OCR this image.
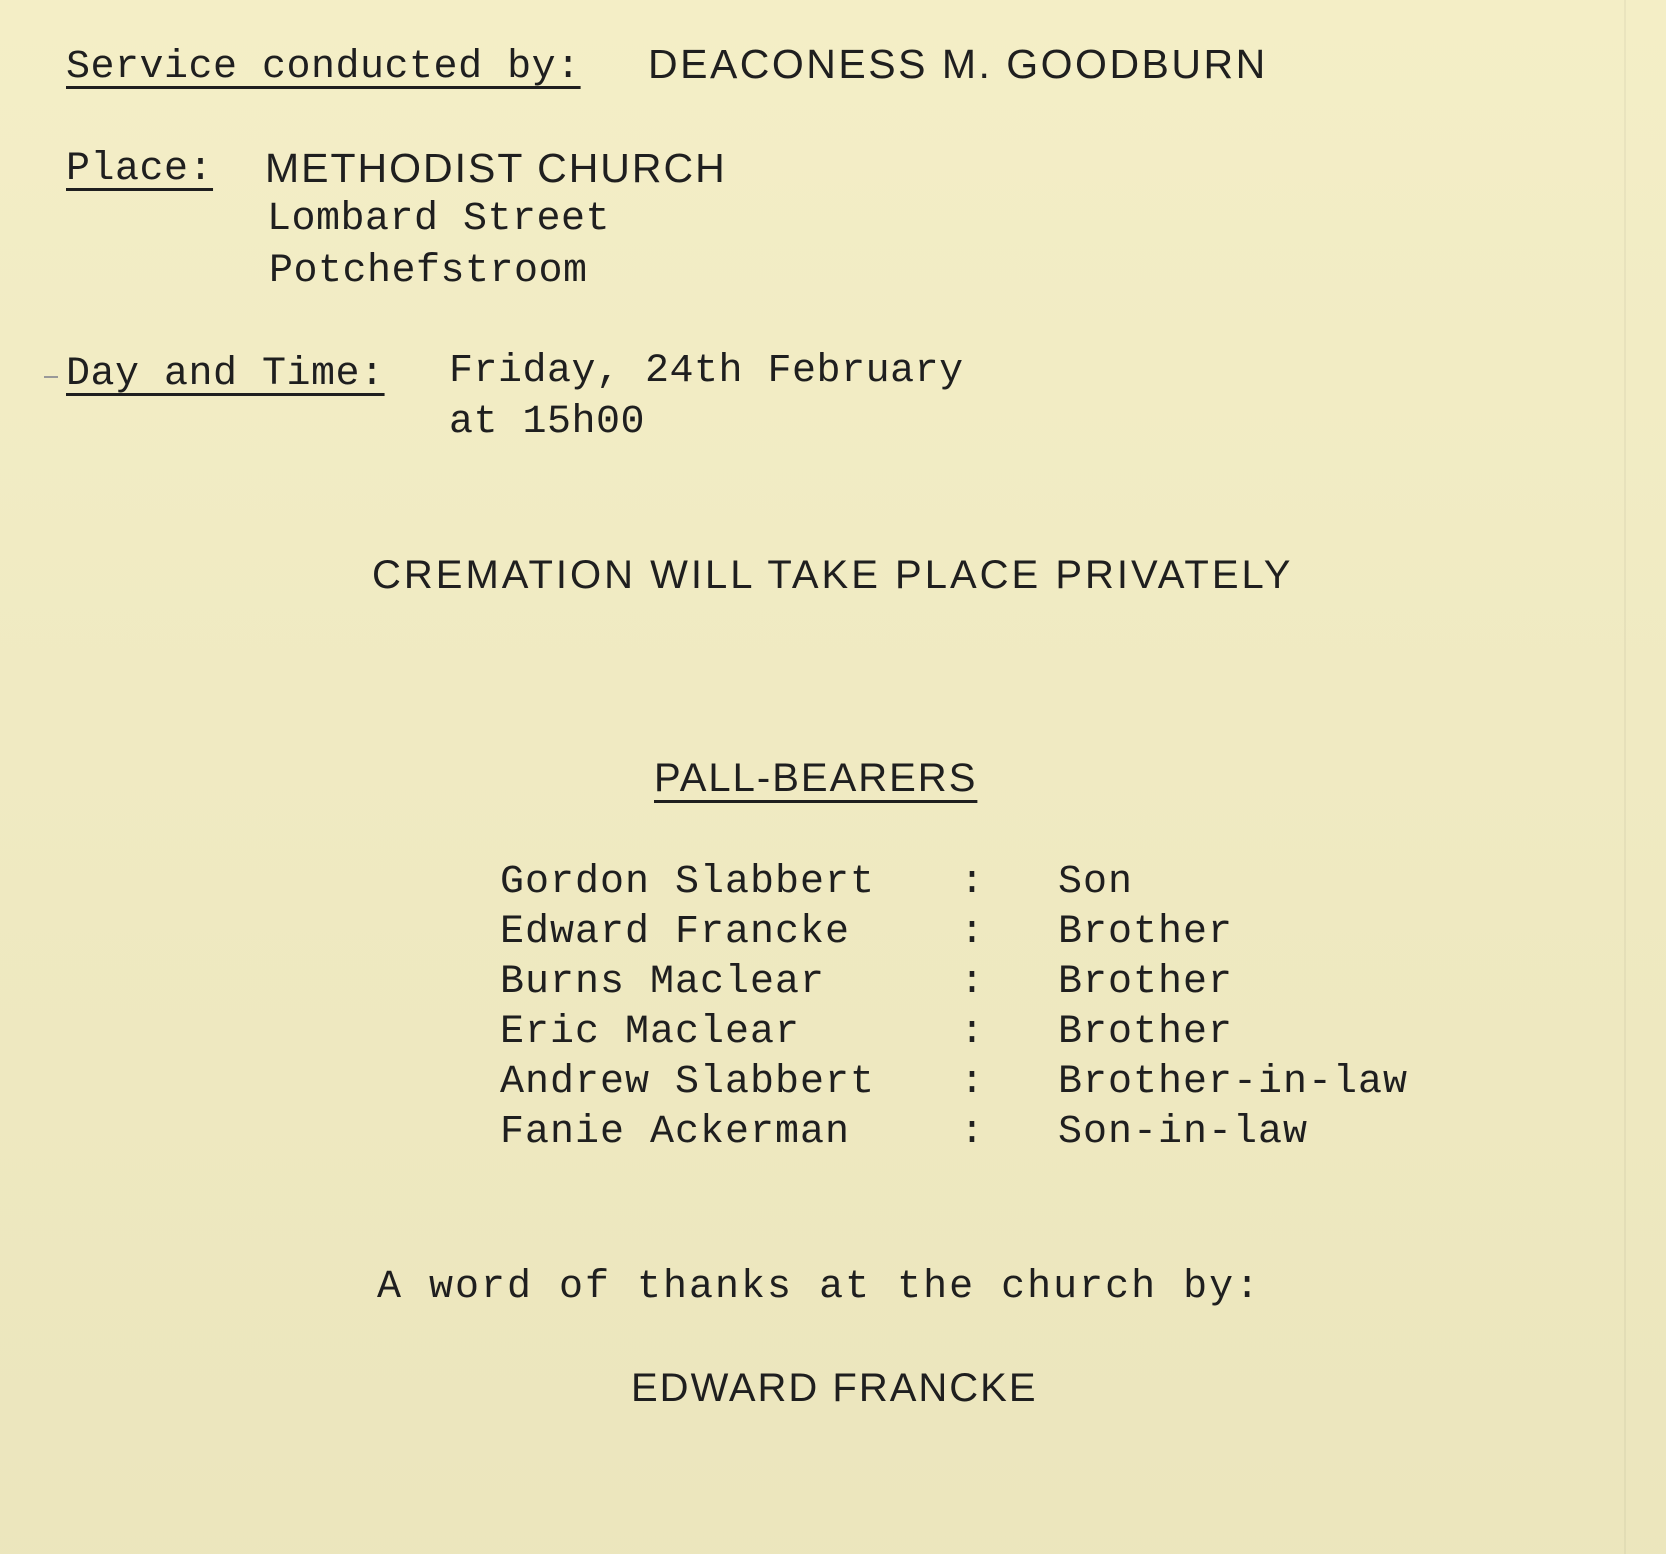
Service conducted by: DEACONESS M. GOODBURN
Place: METHODIST CHURCH
Lombard Street
Potchefstroom
Day and Time: Friday, 24th February
at 15h00
CREMATION WILL TAKE PLACE PRIVATELY
PALL-BEARERS
Gordon Slabbert : Son
Edward Francke	: Brother
Burns Maclear	: Brother
Eric Maclear	: Brother
Andrew Slabbert : Brother-in-law
Fanie Ackerman	: Son-in-law
A word of thanks at the church by:
EDWARD FRANCKE
